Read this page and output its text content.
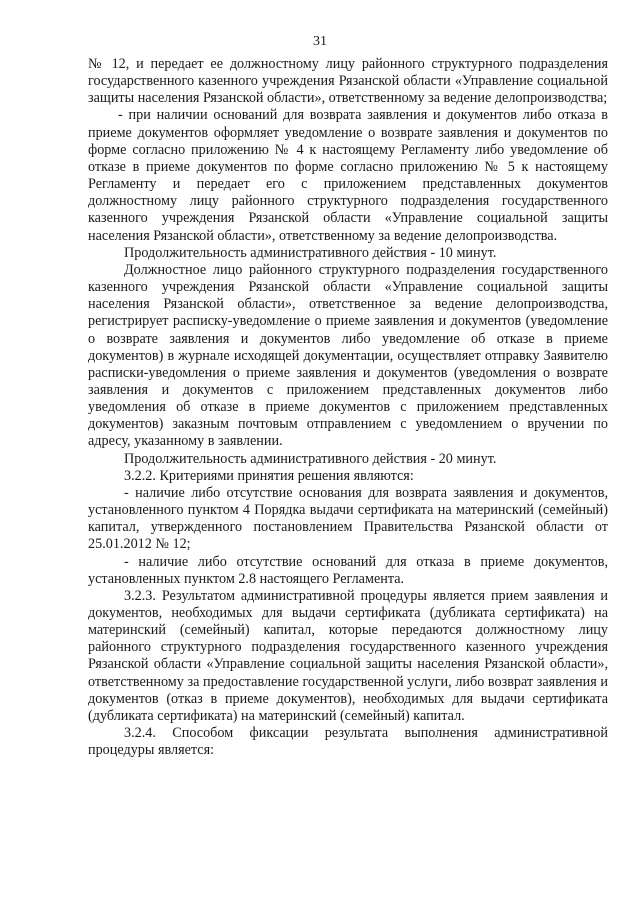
31

№ 12, и передает ее должностному лицу районного структурного подразделения государственного казенного учреждения Рязанской области «Управление социальной защиты населения Рязанской области», ответственному за ведение делопроизводства;

- при наличии оснований для возврата заявления и документов либо отказа в приеме документов оформляет уведомление о возврате заявления и документов по форме согласно приложению № 4 к настоящему Регламенту либо уведомление об отказе в приеме документов по форме согласно приложению № 5 к настоящему Регламенту и передает его с приложением представленных документов должностному лицу районного структурного подразделения государственного казенного учреждения Рязанской области «Управление социальной защиты населения Рязанской области», ответственному за ведение делопроизводства.

Продолжительность административного действия - 10 минут.

Должностное лицо районного структурного подразделения государственного казенного учреждения Рязанской области «Управление социальной защиты населения Рязанской области», ответственное за ведение делопроизводства, регистрирует расписку-уведомление о приеме заявления и документов (уведомление о возврате заявления и документов либо уведомление об отказе в приеме документов) в журнале исходящей документации, осуществляет отправку Заявителю расписки-уведомления о приеме заявления и документов (уведомления о возврате заявления и документов с приложением представленных документов либо уведомления об отказе в приеме документов с приложением представленных документов) заказным почтовым отправлением с уведомлением о вручении по адресу, указанному в заявлении.

Продолжительность административного действия - 20 минут.

3.2.2. Критериями принятия решения являются:

- наличие либо отсутствие основания для возврата заявления и документов, установленного пунктом 4 Порядка выдачи сертификата на материнский (семейный) капитал, утвержденного постановлением Правительства Рязанской области от 25.01.2012 № 12;

- наличие либо отсутствие оснований для отказа в приеме документов, установленных пунктом 2.8 настоящего Регламента.

3.2.3. Результатом административной процедуры является прием заявления и документов, необходимых для выдачи сертификата (дубликата сертификата) на материнский (семейный) капитал, которые передаются должностному лицу районного структурного подразделения государственного казенного учреждения Рязанской области «Управление социальной защиты населения Рязанской области», ответственному за предоставление государственной услуги, либо возврат заявления и документов (отказ в приеме документов), необходимых для выдачи сертификата (дубликата сертификата) на материнский (семейный) капитал.

3.2.4. Способом фиксации результата выполнения административной процедуры является:
